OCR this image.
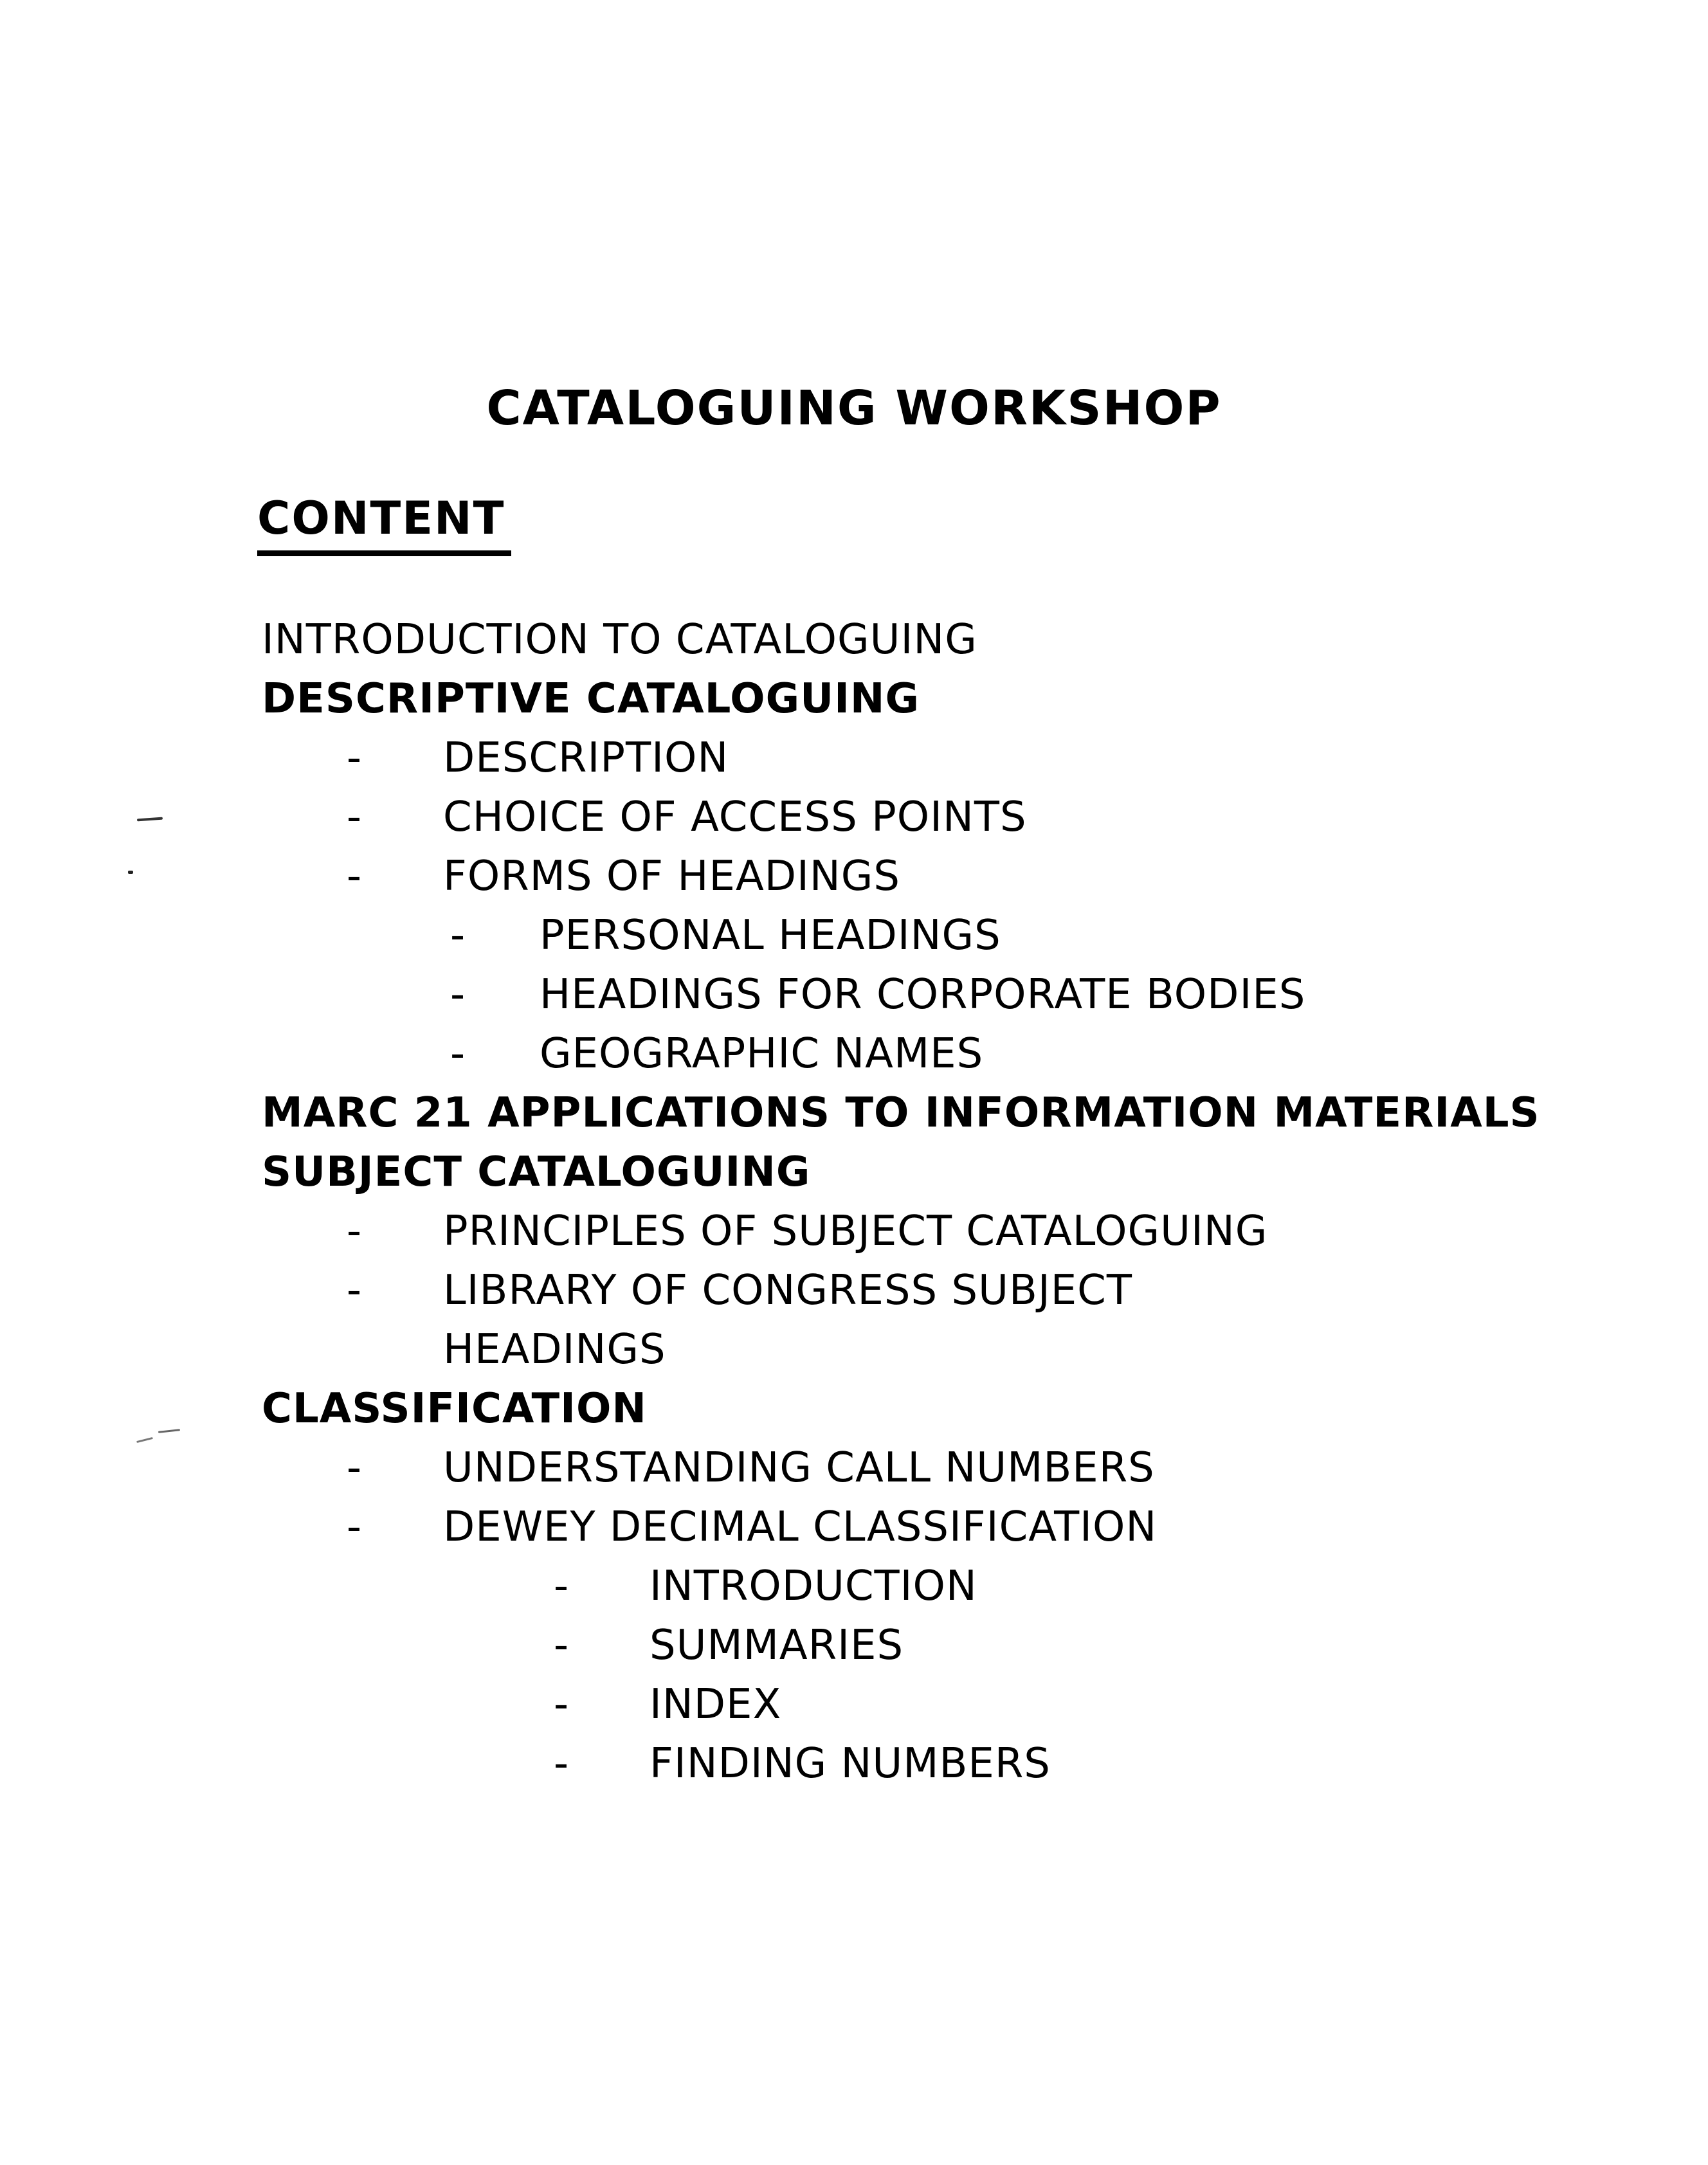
CATALOGUING WORKSHOP
CONTENT
INTRODUCTION TO CATALOGUING
DESCRIPTIVE CATALOGUING
- DESCRIPTION
- CHOICE OF ACCESS POINTS
- FORMS OF HEADINGS
- PERSONAL HEADINGS
- HEADINGS FOR CORPORATE BODIES
- GEOGRAPHIC NAMES
MARC 21 APPLICATIONS TO INFORMATION MATERIALS
SUBJECT CATALOGUING
- PRINCIPLES OF SUBJECT CATALOGUING
- LIBRARY OF CONGRESS SUBJECT
HEADINGS
CLASSIFICATION
- UNDERSTANDING CALL NUMBERS
- DEWEY DECIMAL CLASSIFICATION
- INTRODUCTION
- SUMMARIES
- INDEX
- FINDING NUMBERS
